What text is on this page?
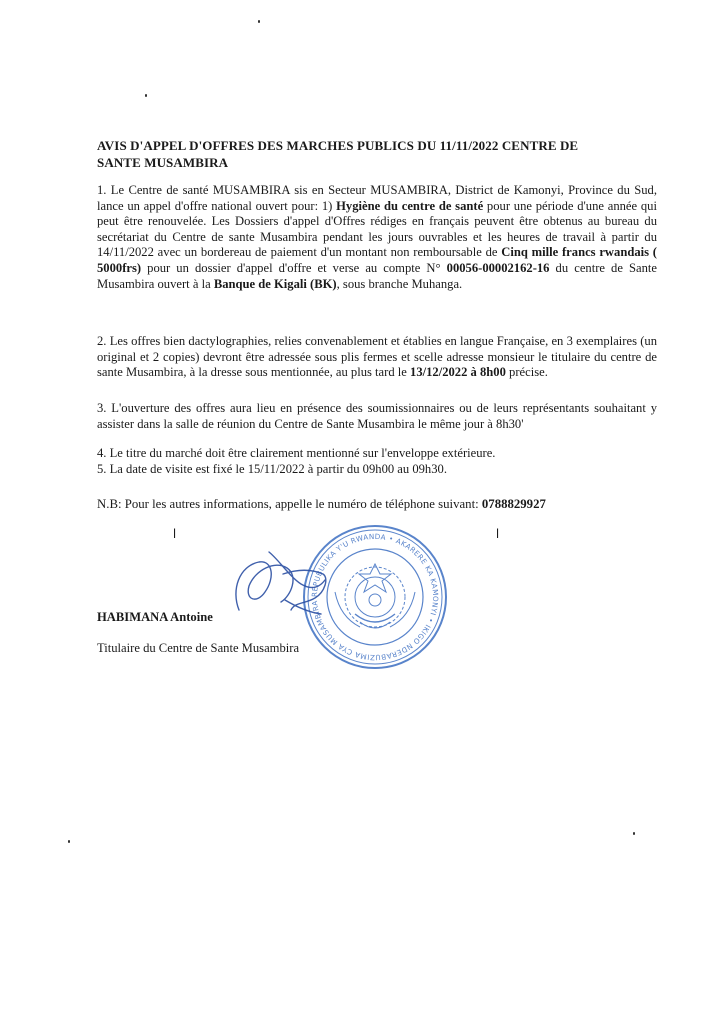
AVIS D'APPEL D'OFFRES DES MARCHES PUBLICS DU 11/11/2022 CENTRE DE
SANTE MUSAMBIRA
1. Le Centre de santé MUSAMBIRA sis en Secteur MUSAMBIRA, District de Kamonyi, Province du Sud, lance un appel d'offre national ouvert pour: 1) Hygiène du centre de santé pour une période d'une année qui peut être renouvelée. Les Dossiers d'appel d'Offres rédiges en français peuvent être obtenus au bureau du secrétariat du Centre de sante Musambira pendant les jours ouvrables et les heures de travail à partir du 14/11/2022 avec un bordereau de paiement d'un montant non remboursable de Cinq mille francs rwandais ( 5000frs) pour un dossier d'appel d'offre et verse au compte N° 00056-00002162-16 du centre de Sante Musambira ouvert à la Banque de Kigali (BK), sous branche Muhanga.
2. Les offres bien dactylographies, relies convenablement et établies en langue Française, en 3 exemplaires (un original et 2 copies) devront être adressée sous plis fermes et scelle adresse monsieur le titulaire du centre de sante Musambira, à la dresse sous mentionnée, au plus tard le 13/12/2022 à 8h00 précise.
3. L'ouverture des offres aura lieu en présence des soumissionnaires ou de leurs représentants souhaitant y assister dans la salle de réunion du Centre de Sante Musambira le même jour à 8h30'
4. Le titre du marché doit être clairement mentionné sur l'enveloppe extérieure.
5. La date de visite est fixé le 15/11/2022 à partir du 09h00 au 09h30.
N.B: Pour les autres informations, appelle le numéro de téléphone suivant: 0788829927
ǀ	ǀ
REPUBULIKA Y'U RWANDA • AKARERE KA KAMONYI • IKIGO NDERABUZIMA CYA MUSAMBIRA
HABIMANA Antoine
Titulaire du Centre de Sante Musambira
